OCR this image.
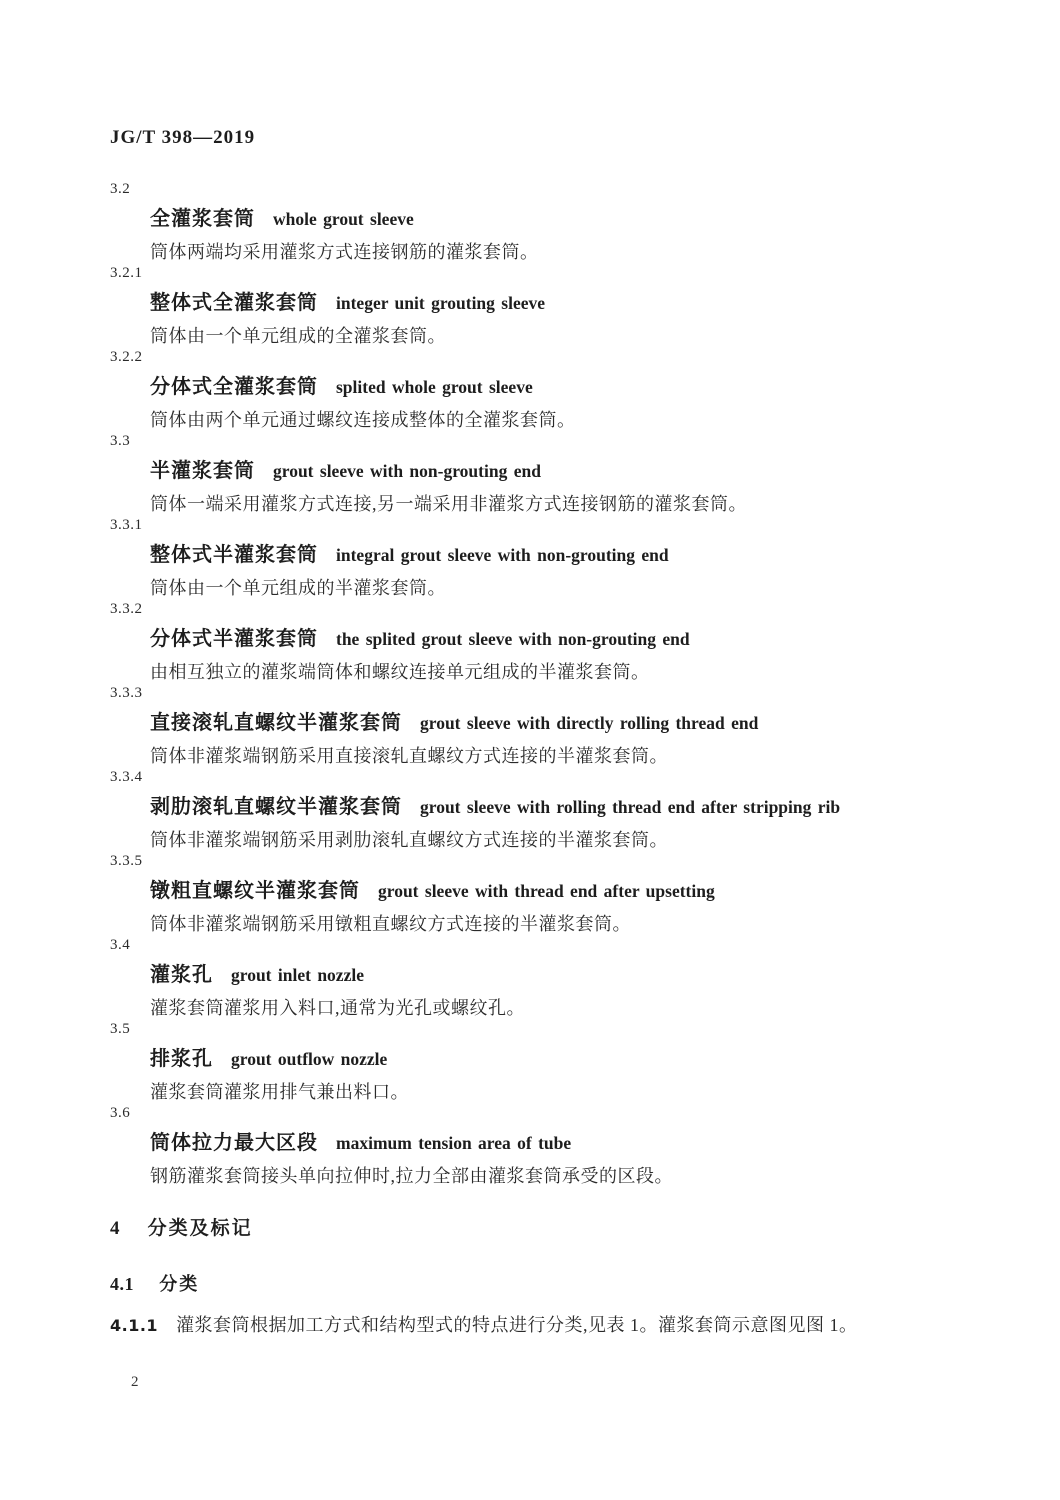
JG/T 398—2019
3.2
全灌浆套筒 whole grout sleeve
筒体两端均采用灌浆方式连接钢筋的灌浆套筒。
3.2.1
整体式全灌浆套筒 integer unit grouting sleeve
筒体由一个单元组成的全灌浆套筒。
3.2.2
分体式全灌浆套筒 splited whole grout sleeve
筒体由两个单元通过螺纹连接成整体的全灌浆套筒。
3.3
半灌浆套筒 grout sleeve with non-grouting end
筒体一端采用灌浆方式连接,另一端采用非灌浆方式连接钢筋的灌浆套筒。
3.3.1
整体式半灌浆套筒 integral grout sleeve with non-grouting end
筒体由一个单元组成的半灌浆套筒。
3.3.2
分体式半灌浆套筒 the splited grout sleeve with non-grouting end
由相互独立的灌浆端筒体和螺纹连接单元组成的半灌浆套筒。
3.3.3
直接滚轧直螺纹半灌浆套筒 grout sleeve with directly rolling thread end
筒体非灌浆端钢筋采用直接滚轧直螺纹方式连接的半灌浆套筒。
3.3.4
剥肋滚轧直螺纹半灌浆套筒 grout sleeve with rolling thread end after stripping rib
筒体非灌浆端钢筋采用剥肋滚轧直螺纹方式连接的半灌浆套筒。
3.3.5
镦粗直螺纹半灌浆套筒 grout sleeve with thread end after upsetting
筒体非灌浆端钢筋采用镦粗直螺纹方式连接的半灌浆套筒。
3.4
灌浆孔 grout inlet nozzle
灌浆套筒灌浆用入料口,通常为光孔或螺纹孔。
3.5
排浆孔 grout outflow nozzle
灌浆套筒灌浆用排气兼出料口。
3.6
筒体拉力最大区段 maximum tension area of tube
钢筋灌浆套筒接头单向拉伸时,拉力全部由灌浆套筒承受的区段。
4 分类及标记
4.1 分类
4.1.1 灌浆套筒根据加工方式和结构型式的特点进行分类,见表 1。灌浆套筒示意图见图 1。
2
